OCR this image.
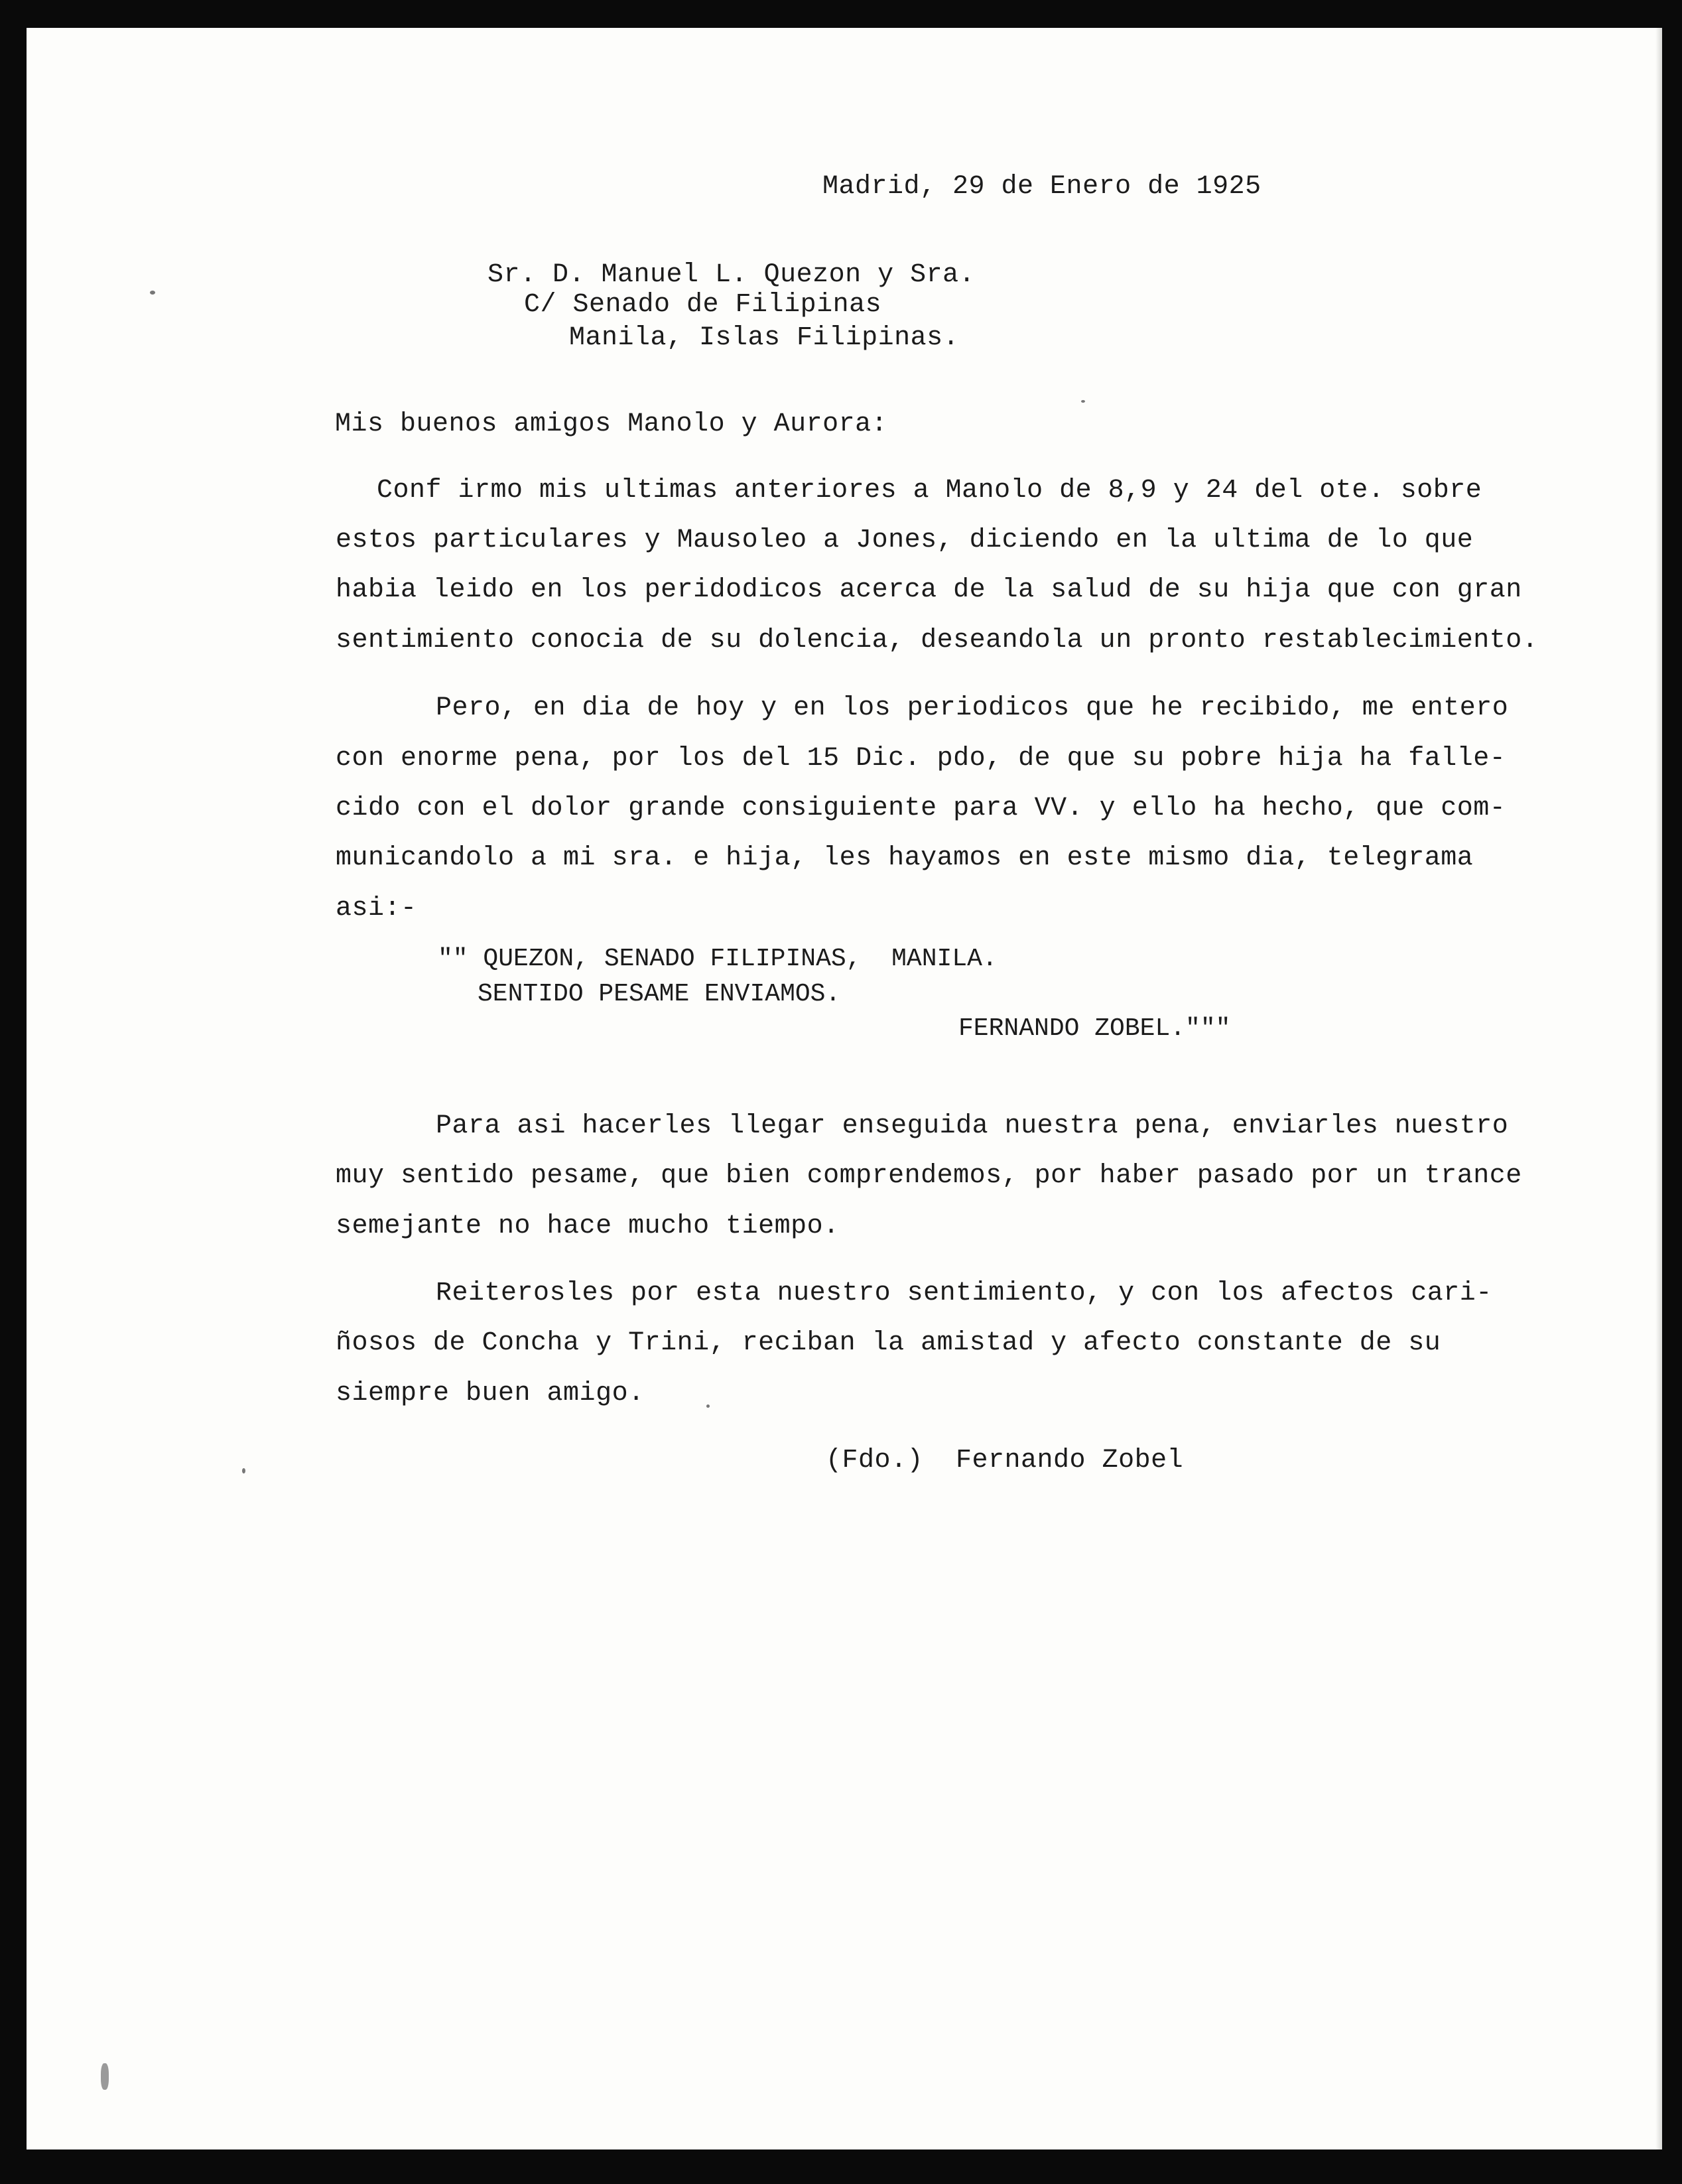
Madrid, 29 de Enero de 1925
Sr. D. Manuel L. Quezon y Sra.
C/ Senado de Filipinas
Manila, Islas Filipinas.
Mis buenos amigos Manolo y Aurora:
Conf irmo mis ultimas anteriores a Manolo de 8,9 y 24 del ote. sobre
estos particulares y Mausoleo a Jones, diciendo en la ultima de lo que
habia leido en los peridodicos acerca de la salud de su hija que con gran
sentimiento conocia de su dolencia, deseandola un pronto restablecimiento.
Pero, en dia de hoy y en los periodicos que he recibido, me entero
con enorme pena, por los del 15 Dic. pdo, de que su pobre hija ha falle-
cido con el dolor grande consiguiente para VV. y ello ha hecho, que com-
municandolo a mi sra. e hija, les hayamos en este mismo dia, telegrama
asi:-
"" QUEZON, SENADO FILIPINAS,  MANILA.
SENTIDO PESAME ENVIAMOS.
FERNANDO ZOBEL."""
Para asi hacerles llegar enseguida nuestra pena, enviarles nuestro
muy sentido pesame, que bien comprendemos, por haber pasado por un trance
semejante no hace mucho tiempo.
Reiterosles por esta nuestro sentimiento, y con los afectos cari-
ñosos de Concha y Trini, reciban la amistad y afecto constante de su
siempre buen amigo.
(Fdo.)  Fernando Zobel
